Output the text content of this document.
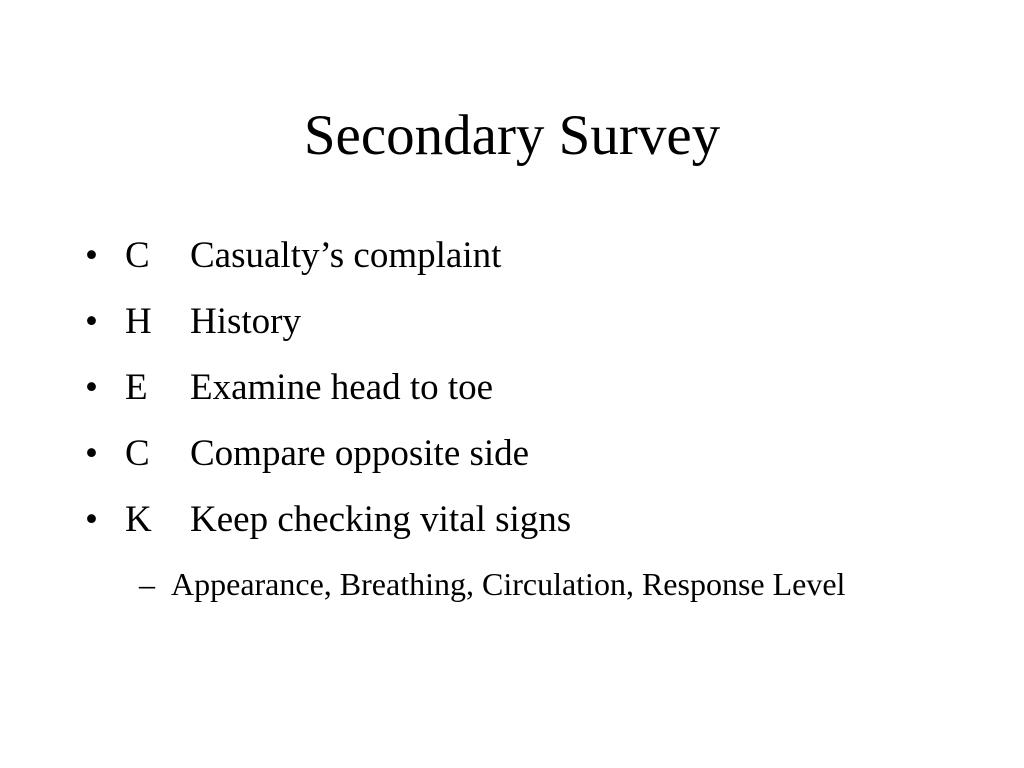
Secondary Survey
• C Casualty’s complaint
• H History
• E Examine head to toe
• C Compare opposite side
• K Keep checking vital signs
– Appearance, Breathing, Circulation, Response Level
